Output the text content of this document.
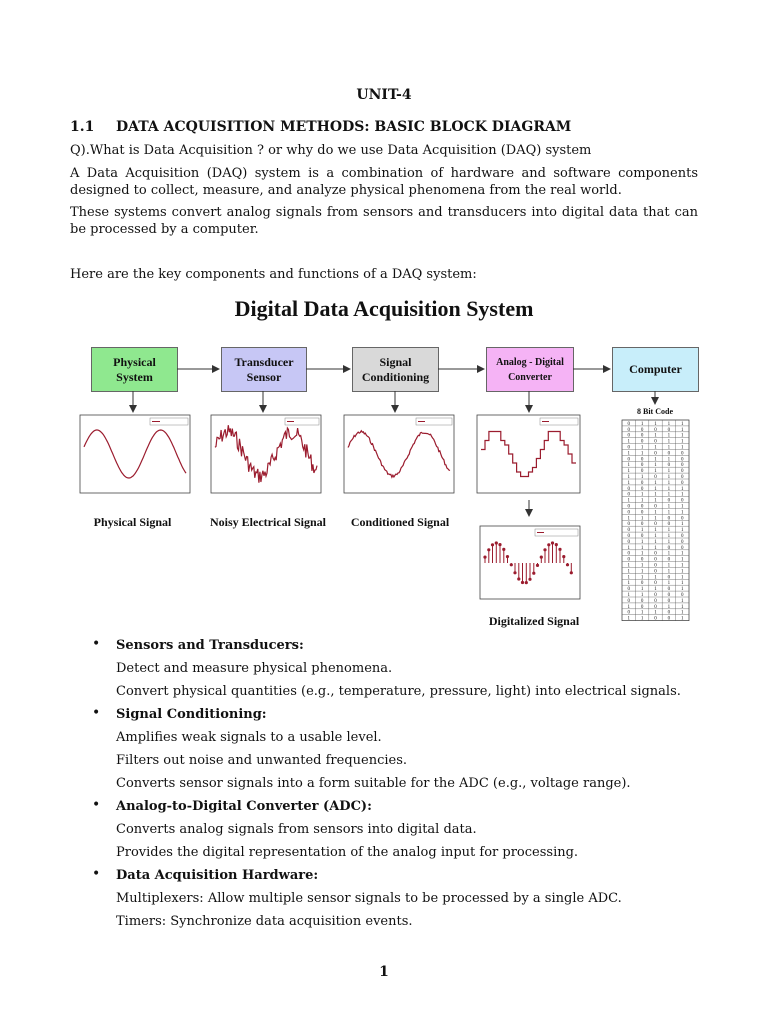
UNIT-4
1.1 DATA ACQUISITION METHODS: BASIC BLOCK DIAGRAM
Q).What is Data Acquisition ? or why do we use Data Acquisition (DAQ) system
A Data Acquisition (DAQ) system is a combination of hardware and software components designed to collect, measure, and analyze physical phenomena from the real world.
These systems convert analog signals from sensors and transducers into digital data that can be processed by a computer.
Here are the key components and functions of a DAQ system:
Digital Data Acquisition System
Physical
System
Transducer
Sensor
Signal
Conditioning
Analog - Digital
Converter
Computer
0 1 1 1 1
0 0 0 0 1
0 0 1 1 1
1 0 0 1 1
0 1 1 1 1
1 1 0 0 0
0 0 1 1 0
1 0 1 0 0
1 0 1 1 0
1 1 0 1 0
1 0 1 1 0
0 0 1 1 1
0 1 1 1 1
1 1 1 0 0
0 0 0 1 1
0 0 1 1 1
1 1 1 0 0
0 0 0 0 1
0 1 1 1 1
0 0 1 1 0
0 1 1 1 0
1 1 1 0 0
0 1 0 1 1
0 0 0 0 1
1 1 0 1 1
1 1 0 1 1
1 1 1 0 1
1 0 0 1 1
0 1 1 0 1
1 1 0 0 0
0 0 0 0 1
1 0 0 1 1
0 1 1 0 1
1 1 0 0 1
Physical Signal	Noisy Electrical Signal	Conditioned Signal
Digitalized Signal
8 Bit Code
• Sensors and Transducers:
Detect and measure physical phenomena.
Convert physical quantities (e.g., temperature, pressure, light) into electrical signals.
• Signal Conditioning:
Amplifies weak signals to a usable level.
Filters out noise and unwanted frequencies.
Converts sensor signals into a form suitable for the ADC (e.g., voltage range).
• Analog-to-Digital Converter (ADC):
Converts analog signals from sensors into digital data.
Provides the digital representation of the analog input for processing.
• Data Acquisition Hardware:
Multiplexers: Allow multiple sensor signals to be processed by a single ADC.
Timers: Synchronize data acquisition events.
1
